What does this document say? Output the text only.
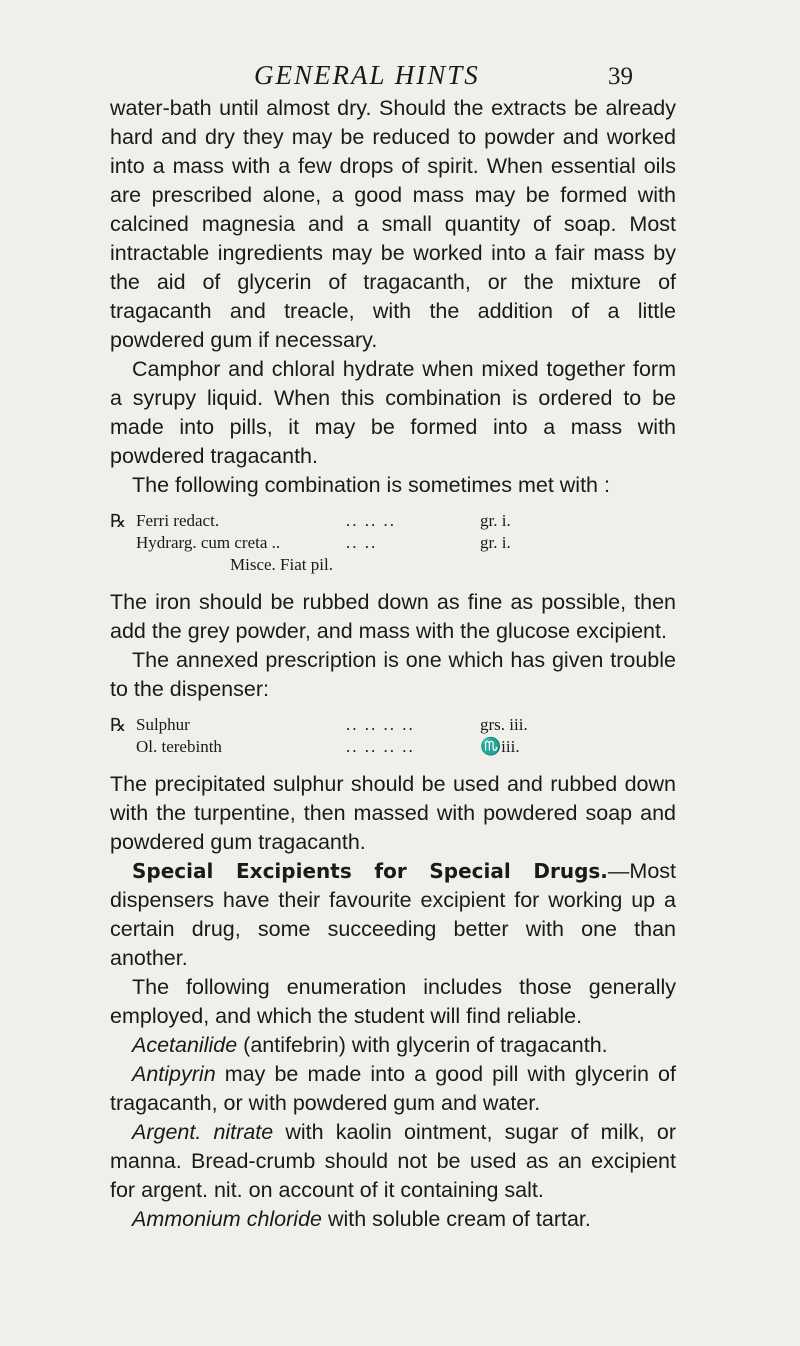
GENERAL HINTS	39

water-bath until almost dry. Should the extracts be already hard and dry they may be reduced to powder and worked into a mass with a few drops of spirit. When essential oils are prescribed alone, a good mass may be formed with calcined magnesia and a small quantity of soap. Most intractable ingredients may be worked into a fair mass by the aid of glycerin of tragacanth, or the mixture of tragacanth and treacle, with the addition of a little powdered gum if necessary.

Camphor and chloral hydrate when mixed together form a syrupy liquid. When this combination is ordered to be made into pills, it may be formed into a mass with powdered tragacanth.

The following combination is sometimes met with :

℞ Ferri redact.	.. .. ..	gr. i.
Hydrarg. cum creta ..	.. ..	gr. i.
Misce. Fiat pil.

The iron should be rubbed down as fine as possible, then add the grey powder, and mass with the glucose excipient.

The annexed prescription is one which has given trouble to the dispenser:

℞ Sulphur	.. .. .. ..	grs. iii.
Ol. terebinth	.. .. .. ..	♏iii.

The precipitated sulphur should be used and rubbed down with the turpentine, then massed with powdered soap and powdered gum tragacanth.

Special Excipients for Special Drugs.—Most dispensers have their favourite excipient for working up a certain drug, some succeeding better with one than another.

The following enumeration includes those generally employed, and which the student will find reliable.

Acetanilide (antifebrin) with glycerin of tragacanth.

Antipyrin may be made into a good pill with glycerin of tragacanth, or with powdered gum and water.

Argent. nitrate with kaolin ointment, sugar of milk, or manna. Bread-crumb should not be used as an excipient for argent. nit. on account of it containing salt.

Ammonium chloride with soluble cream of tartar.
